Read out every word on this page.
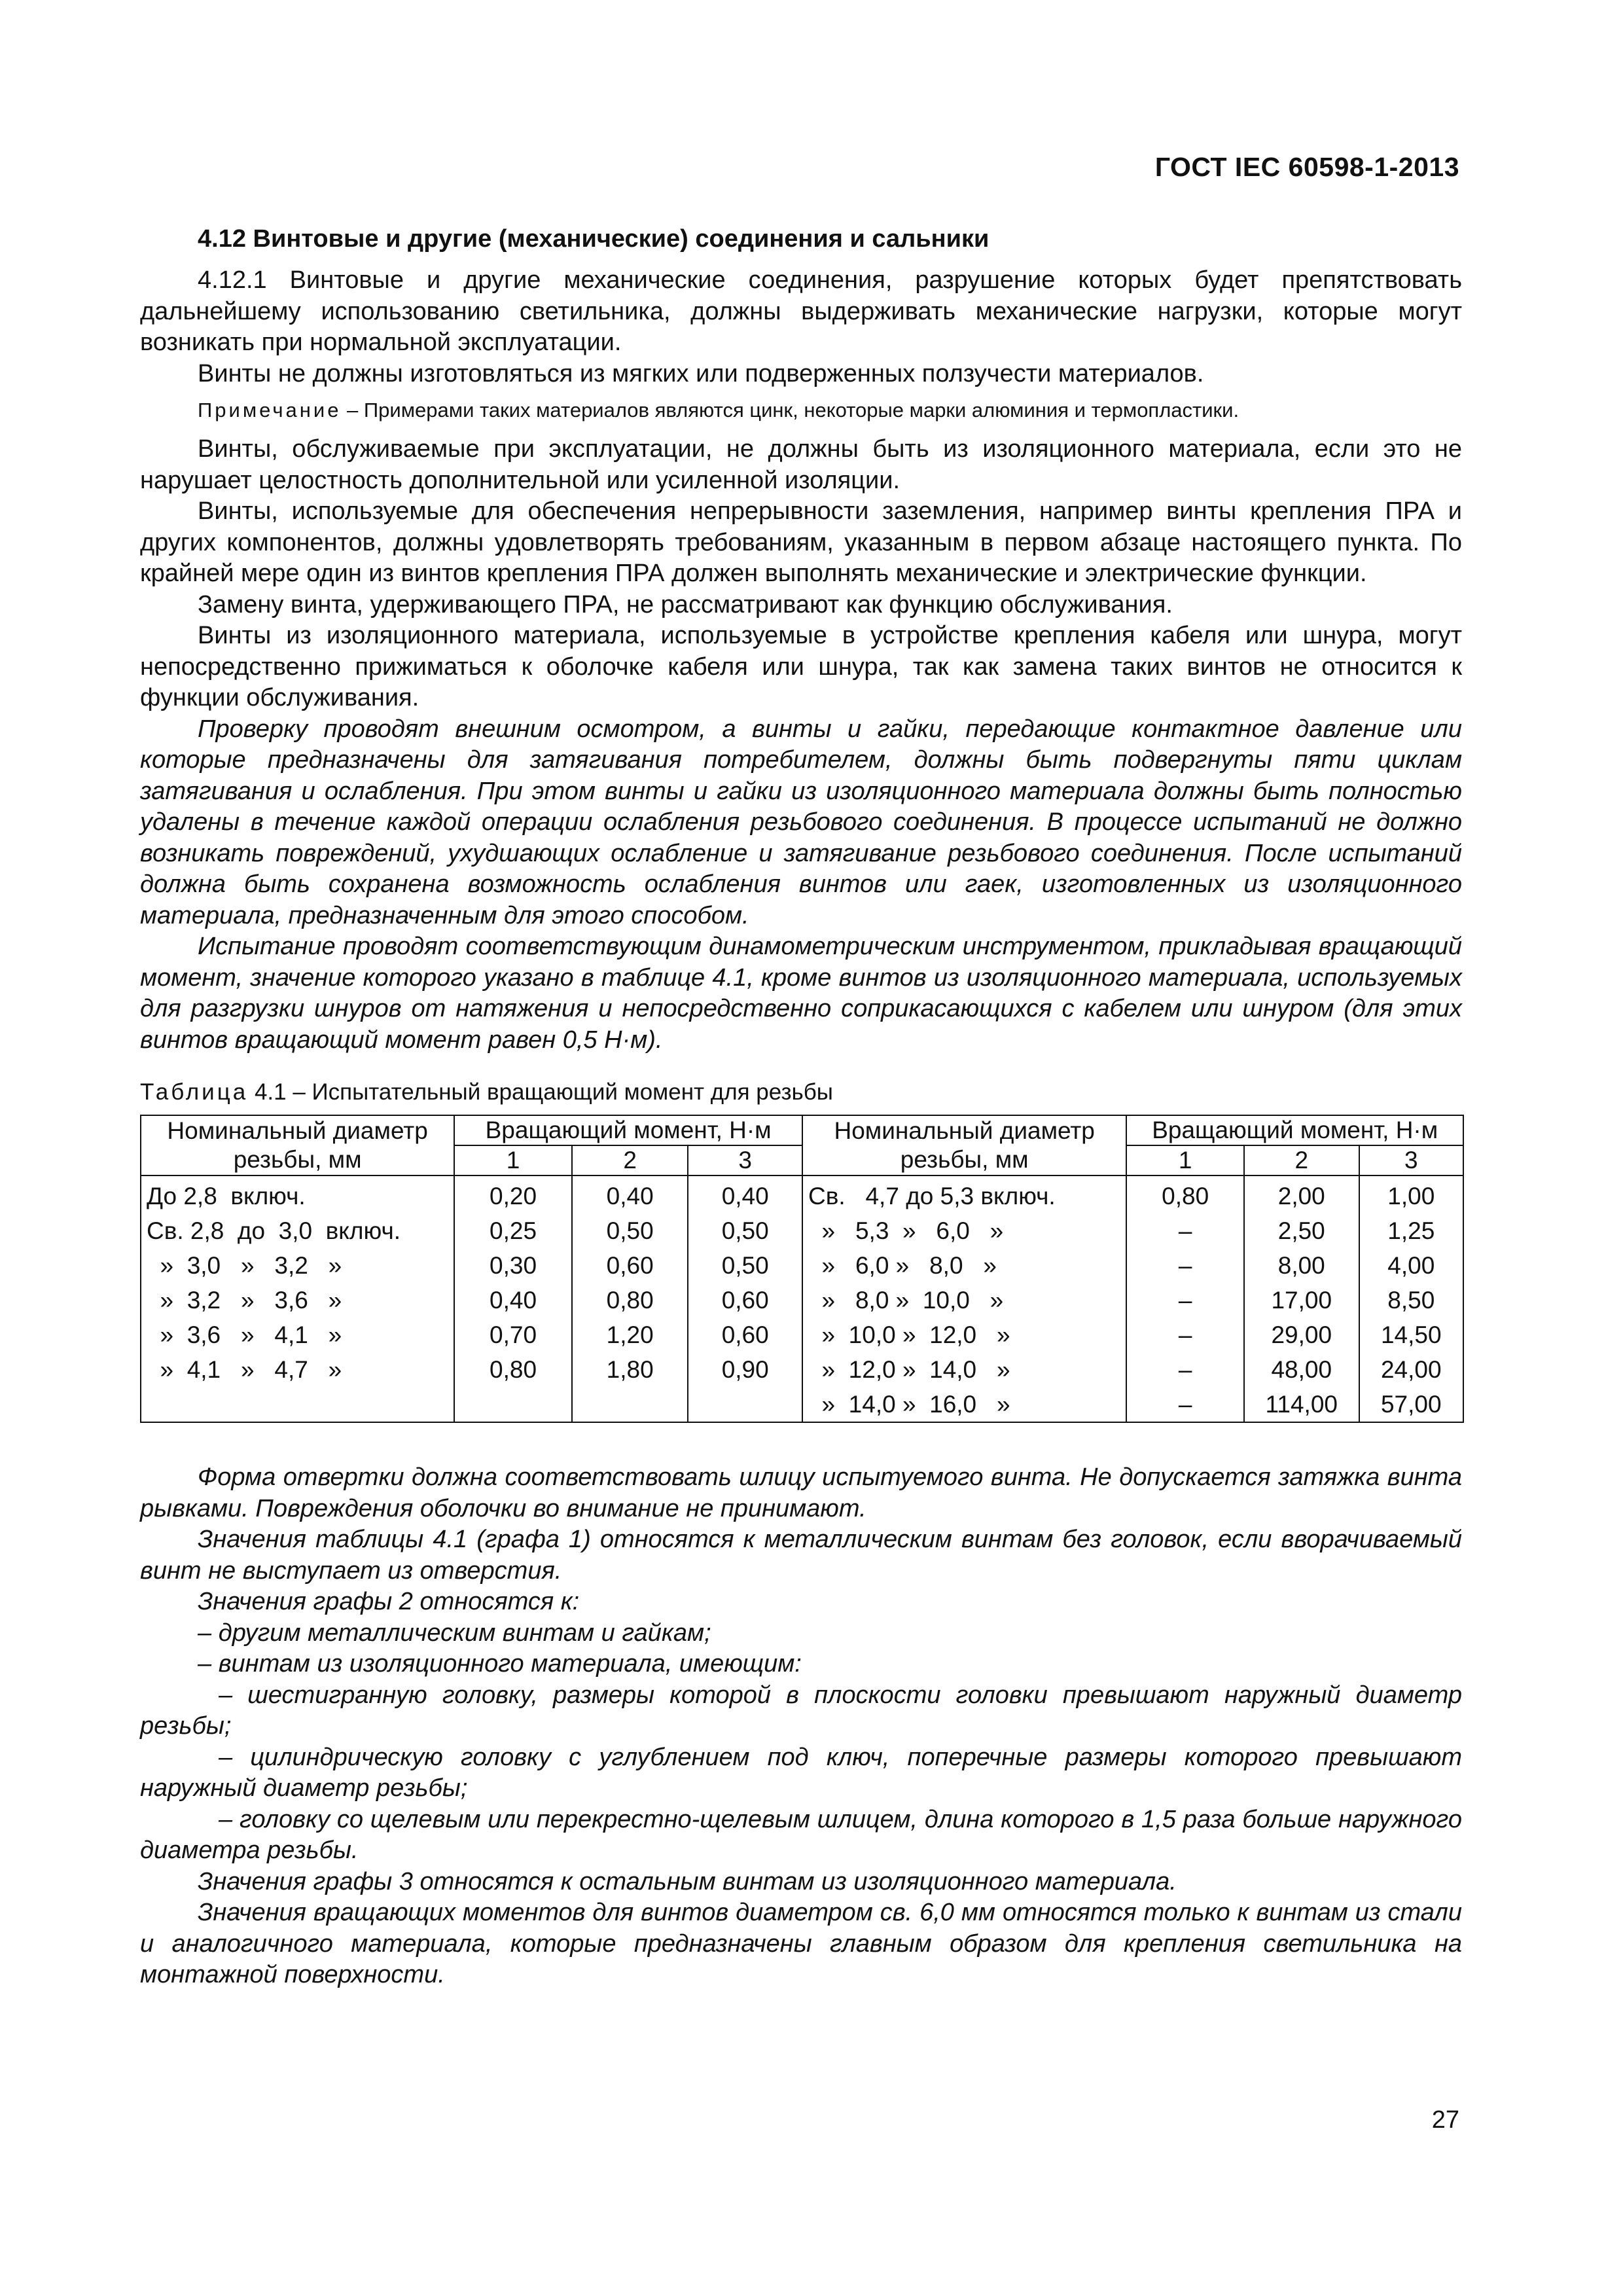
ГОСТ IEC 60598-1-2013
4.12 Винтовые и другие (механические) соединения и сальники

4.12.1 Винтовые и другие механические соединения, разрушение которых будет препятствовать дальнейшему использованию светильника, должны выдерживать механические нагрузки, которые могут возникать при нормальной эксплуатации.

Винты не должны изготовляться из мягких или подверженных ползучести материалов.

Примечание – Примерами таких материалов являются цинк, некоторые марки алюминия и термопластики.

Винты, обслуживаемые при эксплуатации, не должны быть из изоляционного материала, если это не нарушает целостность дополнительной или усиленной изоляции.

Винты, используемые для обеспечения непрерывности заземления, например винты крепления ПРА и других компонентов, должны удовлетворять требованиям, указанным в первом абзаце настоящего пункта. По крайней мере один из винтов крепления ПРА должен выполнять механические и электрические функции.

Замену винта, удерживающего ПРА, не рассматривают как функцию обслуживания.

Винты из изоляционного материала, используемые в устройстве крепления кабеля или шнура, могут непосредственно прижиматься к оболочке кабеля или шнура, так как замена таких винтов не относится к функции обслуживания.

Проверку проводят внешним осмотром, а винты и гайки, передающие контактное давление или которые предназначены для затягивания потребителем, должны быть подвергнуты пяти циклам затягивания и ослабления. При этом винты и гайки из изоляционного материала должны быть полностью удалены в течение каждой операции ослабления резьбового соединения. В процессе испытаний не должно возникать повреждений, ухудшающих ослабление и затягивание резьбового соединения. После испытаний должна быть сохранена возможность ослабления винтов или гаек, изготовленных из изоляционного материала, предназначенным для этого способом.

Испытание проводят соответствующим динамометрическим инструментом, прикладывая вращающий момент, значение которого указано в таблице 4.1, кроме винтов из изоляционного материала, используемых для разгрузки шнуров от натяжения и непосредственно соприкасающихся с кабелем или шнуром (для этих винтов вращающий момент равен 0,5 Н·м).

Таблица 4.1 – Испытательный вращающий момент для резьбы

Номинальный диаметр резьбы, мм	Вращающий момент, Н·м			Номинальный диаметр резьбы, мм	Вращающий момент, Н·м		
	1	2	3		1	2	3
До 2,8  включ.	0,20	0,40	0,40	Св.   4,7 до 5,3 включ.	0,80	2,00	1,00
Св. 2,8  до  3,0  включ.	0,25	0,50	0,50	»   5,3  »   6,0   »	–	2,50	1,25
»  3,0   »   3,2   »	0,30	0,60	0,50	»   6,0 »   8,0   »	–	8,00	4,00
»  3,2   »   3,6   »	0,40	0,80	0,60	»   8,0 »  10,0   »	–	17,00	8,50
»  3,6   »   4,1   »	0,70	1,20	0,60	»  10,0 »  12,0   »	–	29,00	14,50
»  4,1   »   4,7   »	0,80	1,80	0,90	»  12,0 »  14,0   »	–	48,00	24,00
				»  14,0 »  16,0   »	–	114,00	57,00

Форма отвертки должна соответствовать шлицу испытуемого винта. Не допускается затяжка винта рывками. Повреждения оболочки во внимание не принимают.

Значения таблицы 4.1 (графа 1) относятся к металлическим винтам без головок, если вворачиваемый винт не выступает из отверстия.

Значения графы 2 относятся к:

– другим металлическим винтам и гайкам;

– винтам из изоляционного материала, имеющим:

– шестигранную головку, размеры которой в плоскости головки превышают наружный диаметр резьбы;

– цилиндрическую головку с углублением под ключ, поперечные размеры которого превышают наружный диаметр резьбы;

– головку со щелевым или перекрестно-щелевым шлицем, длина которого в 1,5 раза больше наружного диаметра резьбы.

Значения графы 3 относятся к остальным винтам из изоляционного материала.

Значения вращающих моментов для винтов диаметром св. 6,0 мм относятся только к винтам из стали и аналогичного материала, которые предназначены главным образом для крепления светильника на монтажной поверхности.

27
